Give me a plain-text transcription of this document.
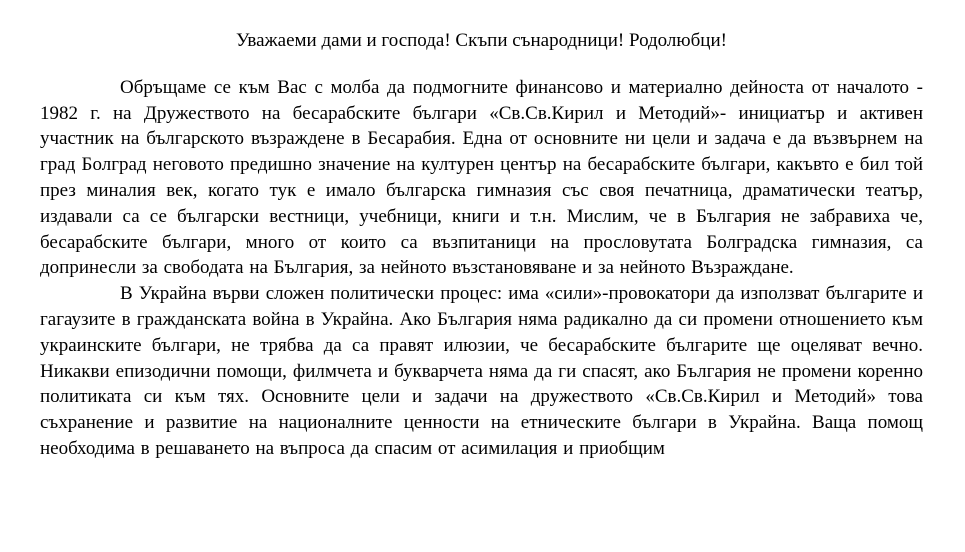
Уважаеми дами и господа! Скъпи сънародници! Родолюбци!

Обръщаме се към Вас с молба да подмогните финансово и материално дейноста от началото - 1982 г. на Дружеството на бесарабските българи «Св.Св.Кирил и Методий»- инициатър и активен участник на българското възраждене в Бесарабия. Една от основните ни цели и задача е да възвърнем на град Болград неговото предишно значение на културен център на бесарабските българи, какъвто е бил той през миналия век, когато тук е имало българска гимназия със своя печатница, драматически театър, издавали са се български вестници, учебници, книги и т.н. Мислим, че в България не забравиха че, бесарабските българи, много от които са възпитаници на прословутата Болградска гимназия, са допринесли за свободата на България, за нейното възстановяване и за нейното Възраждане.

В Украйна върви сложен политически процес: има «сили»-провокатори да използват българите и гагаузите в гражданската война в Украйна. Ако България няма радикално да си промени отношението към украинските българи, не трябва да са правят илюзии, че бесарабските българите ще оцеляват вечно. Никакви епизодични помощи, филмчета и букварчета няма да ги спасят, ако България не промени коренно политиката си към тях. Основните цели и задачи на дружеството «Св.Св.Кирил и Методий» това съхранение и развитие на националните ценности на етническите българи в Украйна. Ваща помощ необходима в решаването на въпроса да спасим от асимилация и приобщим
